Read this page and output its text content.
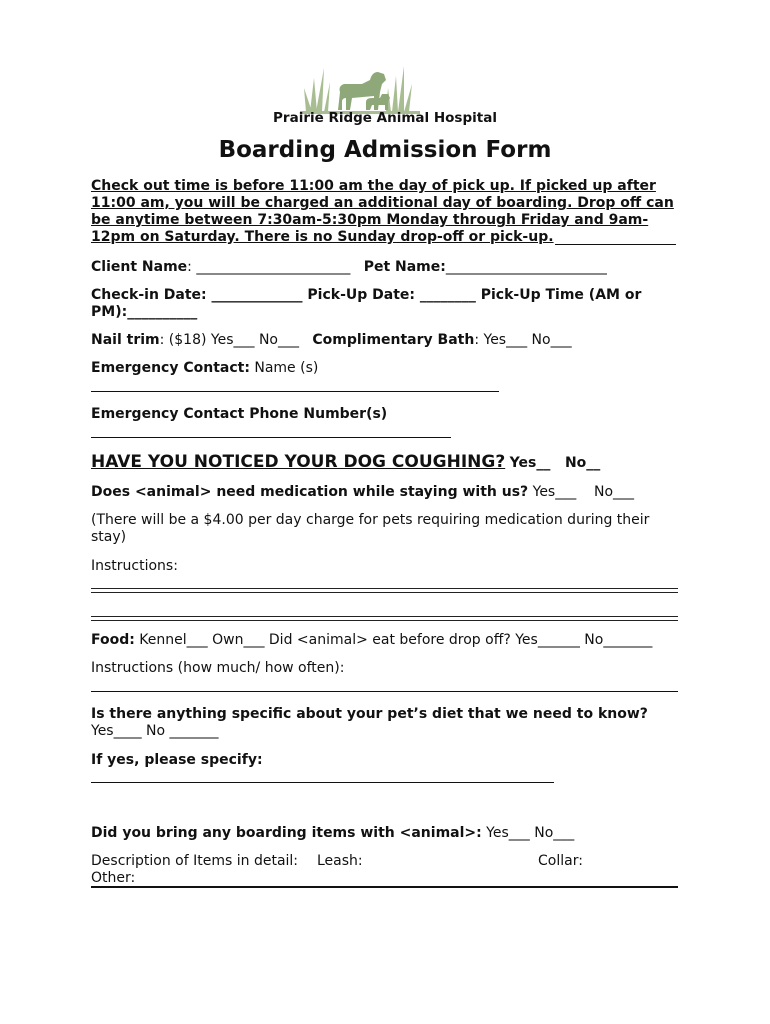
Prairie Ridge Animal Hospital
Boarding Admission Form
Check out time is before 11:00 am the day of pick up. If picked up after
11:00 am, you will be charged an additional day of boarding. Drop off can
be anytime between 7:30am-5:30pm Monday through Friday and 9am-
12pm on Saturday. There is no Sunday drop-off or pick-up.
Client Name: ______________________ Pet Name:_______________________
Check-in Date: _____________ Pick-Up Date: ________ Pick-Up Time (AM or
PM):__________
Nail trim: ($18) Yes___ No___ Complimentary Bath: Yes___ No___
Emergency Contact: Name (s)
Emergency Contact Phone Number(s)
HAVE YOU NOTICED YOUR DOG COUGHING? Yes__   No__
Does <animal> need medication while staying with us? Yes___    No___
(There will be a $4.00 per day charge for pets requiring medication during their
stay)
Instructions:
Food: Kennel___ Own___ Did <animal> eat before drop off? Yes______ No_______
Instructions (how much/ how often):
Is there anything specific about your pet’s diet that we need to know?
Yes____ No _______
If yes, please specify:
Did you bring any boarding items with <animal>: Yes___ No___
Description of Items in detail: Leash:	Collar:
Other:
